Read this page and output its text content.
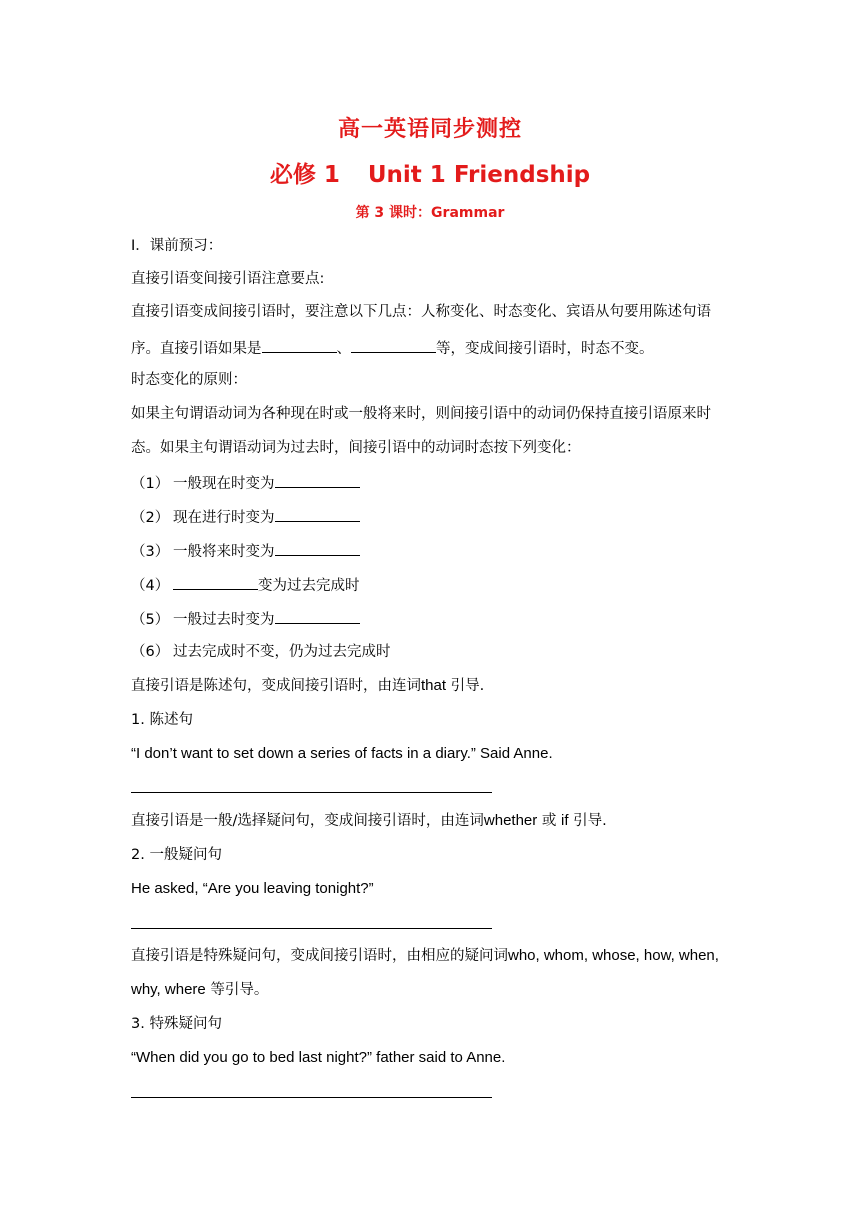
高一英语同步测控
必修 1 Unit 1 Friendship
第 3 课时：Grammar
I．课前预习：
直接引语变间接引语注意要点:
直接引语变成间接引语时，要注意以下几点：人称变化、时态变化、宾语从句要用陈述句语
序。直接引语如果是	、	等，变成间接引语时，时态不变。
时态变化的原则：
如果主句谓语动词为各种现在时或一般将来时，则间接引语中的动词仍保持直接引语原来时
态。如果主句谓语动词为过去时，间接引语中的动词时态按下列变化：
（1） 一般现在时变为
（2） 现在进行时变为
（3） 一般将来时变为
（4）	变为过去完成时
（5） 一般过去时变为
（6） 过去完成时不变，仍为过去完成时
直接引语是陈述句，变成间接引语时，由连词that 引导.
1. 陈述句
“I don’t want to set down a series of facts in a diary.” Said Anne.
直接引语是一般/选择疑问句，变成间接引语时，由连词whether 或 if 引导.
2. 一般疑问句
He asked, “Are you leaving tonight?”
直接引语是特殊疑问句，变成间接引语时，由相应的疑问词who, whom, whose, how, when,
why, where 等引导。
3. 特殊疑问句
“When did you go to bed last night?” father said to Anne.
